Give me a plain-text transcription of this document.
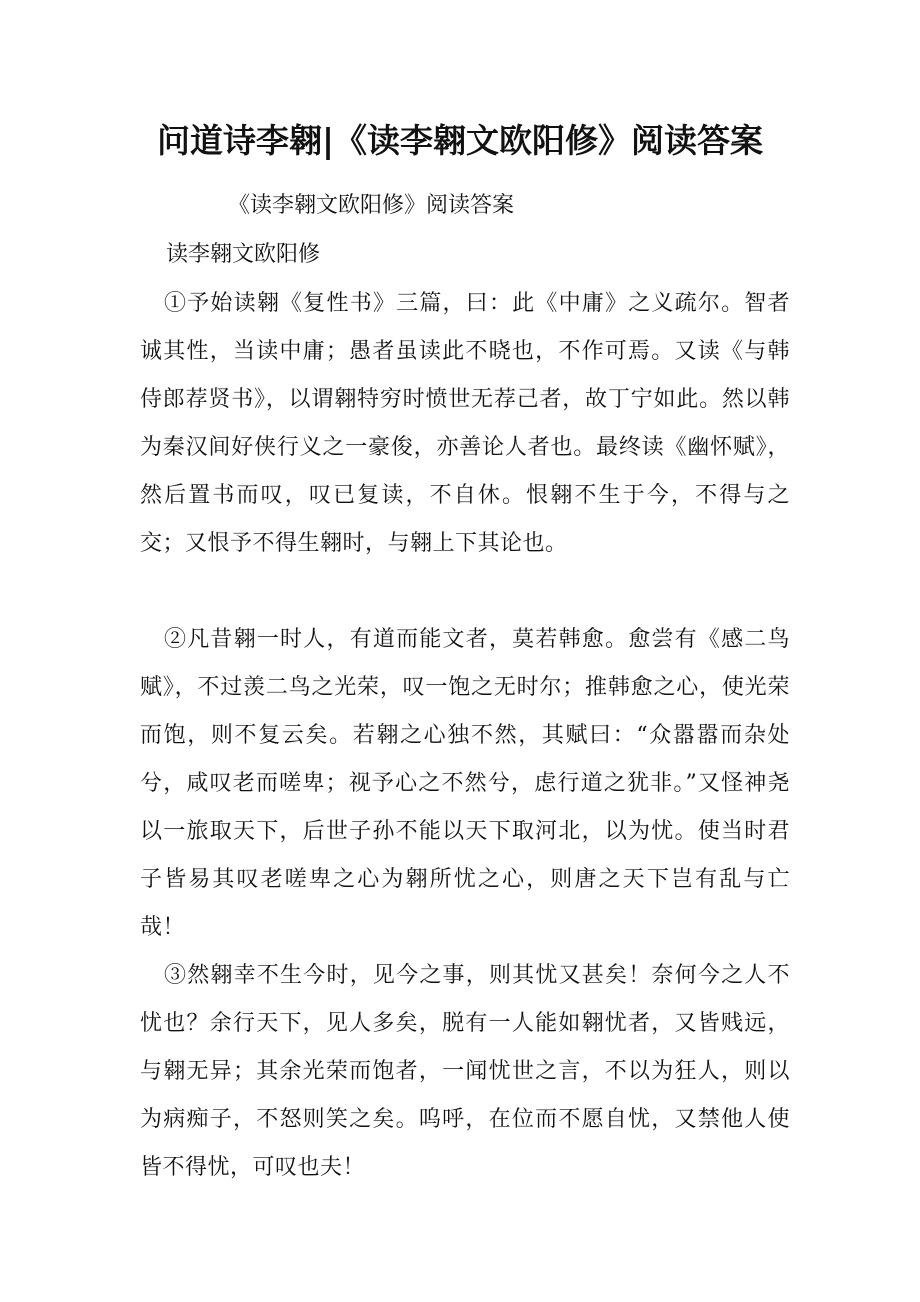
问道诗李翱|《读李翱文欧阳修》阅读答案
《读李翱文欧阳修》阅读答案
读李翱文欧阳修

①予始读翱《复性书》三篇，曰：此《中庸》之义疏尔。智者诚其性，当读中庸；愚者虽读此不晓也，不作可焉。又读《与韩侍郎荐贤书》，以谓翱特穷时愤世无荐己者，故丁宁如此。然以韩为秦汉间好侠行义之一豪俊，亦善论人者也。最终读《幽怀赋》，然后置书而叹，叹已复读，不自休。恨翱不生于今，不得与之交；又恨予不得生翱时，与翱上下其论也。

②凡昔翱一时人，有道而能文者，莫若韩愈。愈尝有《感二鸟赋》，不过羡二鸟之光荣，叹一饱之无时尔；推韩愈之心，使光荣而饱，则不复云矣。若翱之心独不然，其赋曰：“众嚣嚣而杂处兮，咸叹老而嗟卑；视予心之不然兮，虑行道之犹非。”又怪神尧以一旅取天下，后世子孙不能以天下取河北，以为忧。使当时君子皆易其叹老嗟卑之心为翱所忧之心，则唐之天下岂有乱与亡哉！

③然翱幸不生今时，见今之事，则其忧又甚矣！奈何今之人不忧也？余行天下，见人多矣，脱有一人能如翱忧者，又皆贱远，与翱无异；其余光荣而饱者，一闻忧世之言，不以为狂人，则以为病痴子，不怒则笑之矣。呜呼，在位而不愿自忧，又禁他人使皆不得忧，可叹也夫！
